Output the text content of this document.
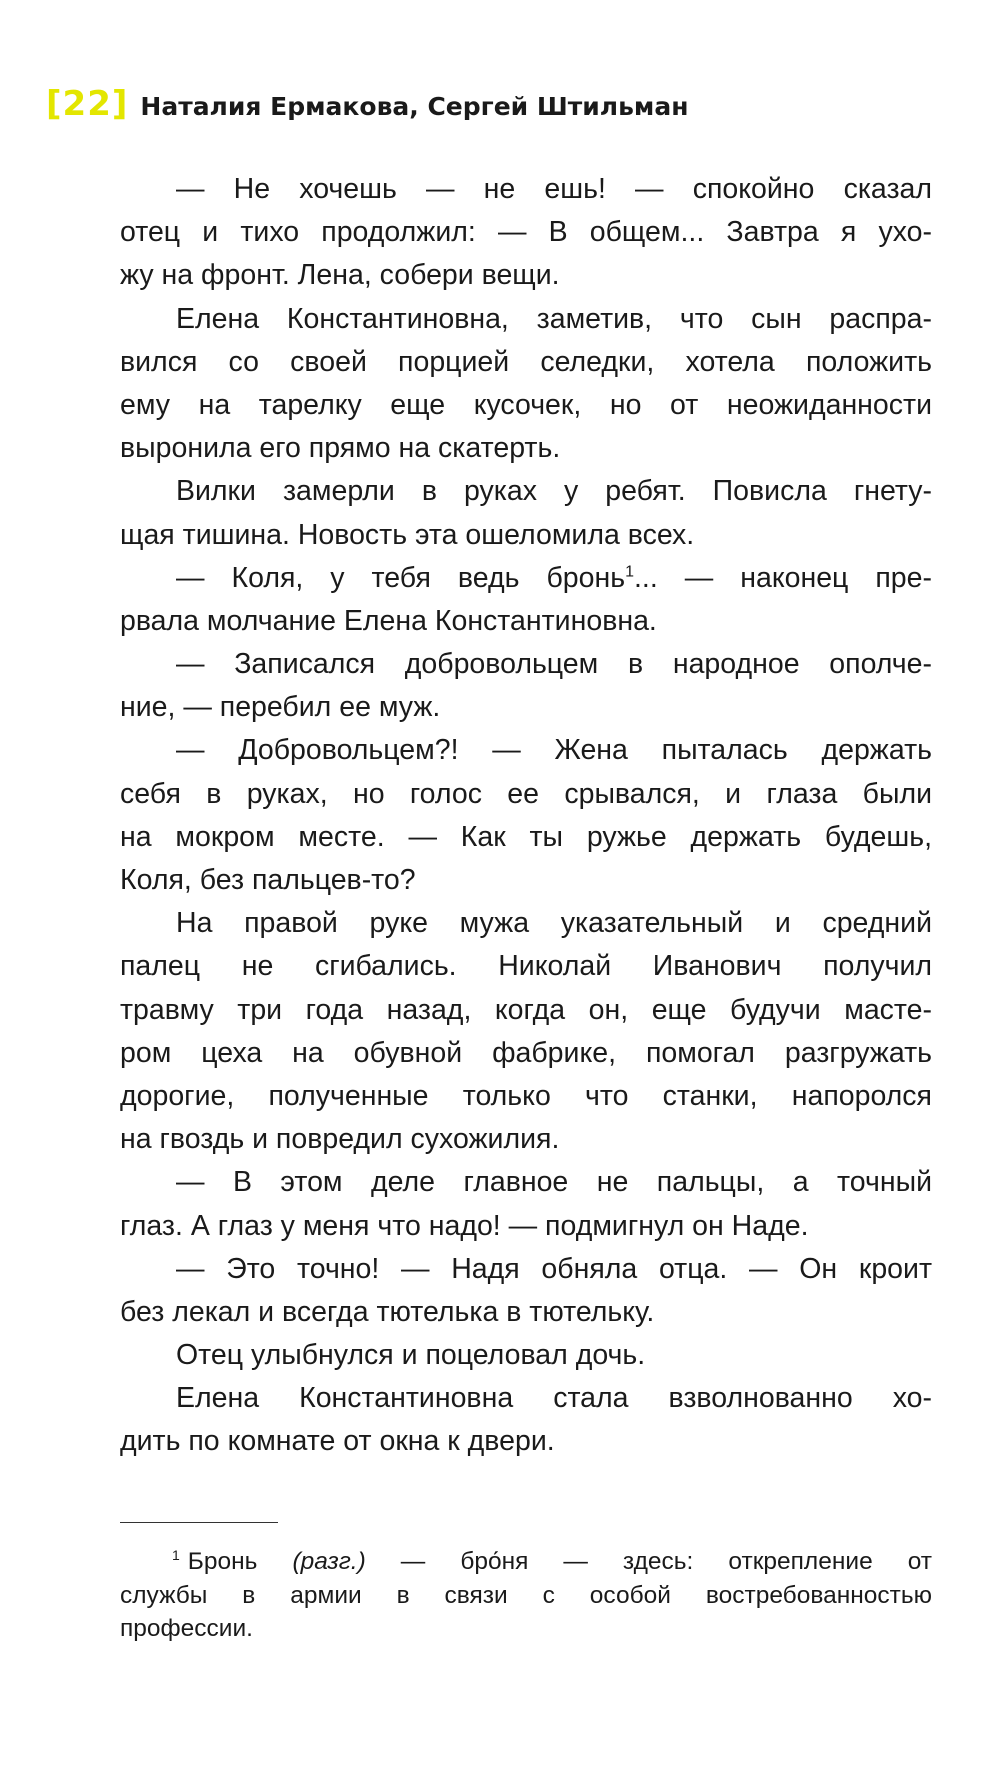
[22] Наталия Ермакова, Сергей Штильман
— Не хочешь — не ешь! — спокойно сказал
отец и тихо продолжил: — В общем... Завтра я ухо-
жу на фронт. Лена, собери вещи.
Елена Константиновна, заметив, что сын распра-
вился со своей порцией селедки, хотела положить
ему на тарелку еще кусочек, но от неожиданности
выронила его прямо на скатерть.
Вилки замерли в руках у ребят. Повисла гнету-
щая тишина. Новость эта ошеломила всех.
— Коля, у тебя ведь бронь$^1$... — наконец пре-
рвала молчание Елена Константиновна.
— Записался добровольцем в народное ополче-
ние, — перебил ее муж.
— Добровольцем?! — Жена пыталась держать
себя в руках, но голос ее срывался, и глаза были
на мокром месте. — Как ты ружье держать будешь,
Коля, без пальцев-то?
На правой руке мужа указательный и средний
палец не сгибались. Николай Иванович получил
травму три года назад, когда он, еще будучи масте-
ром цеха на обувной фабрике, помогал разгружать
дорогие, полученные только что станки, напоролся
на гвоздь и повредил сухожилия.
— В этом деле главное не пальцы, а точный
глаз. А глаз у меня что надо! — подмигнул он Наде.
— Это точно! — Надя обняла отца. — Он кроит
без лекал и всегда тютелька в тютельку.
Отец улыбнулся и поцеловал дочь.
Елена Константиновна стала взволнованно хо-
дить по комнате от окна к двери.
$^1$ Бронь (разг.) — бро́ня — здесь: открепление от
службы в армии в связи с особой востребованностью
профессии.
